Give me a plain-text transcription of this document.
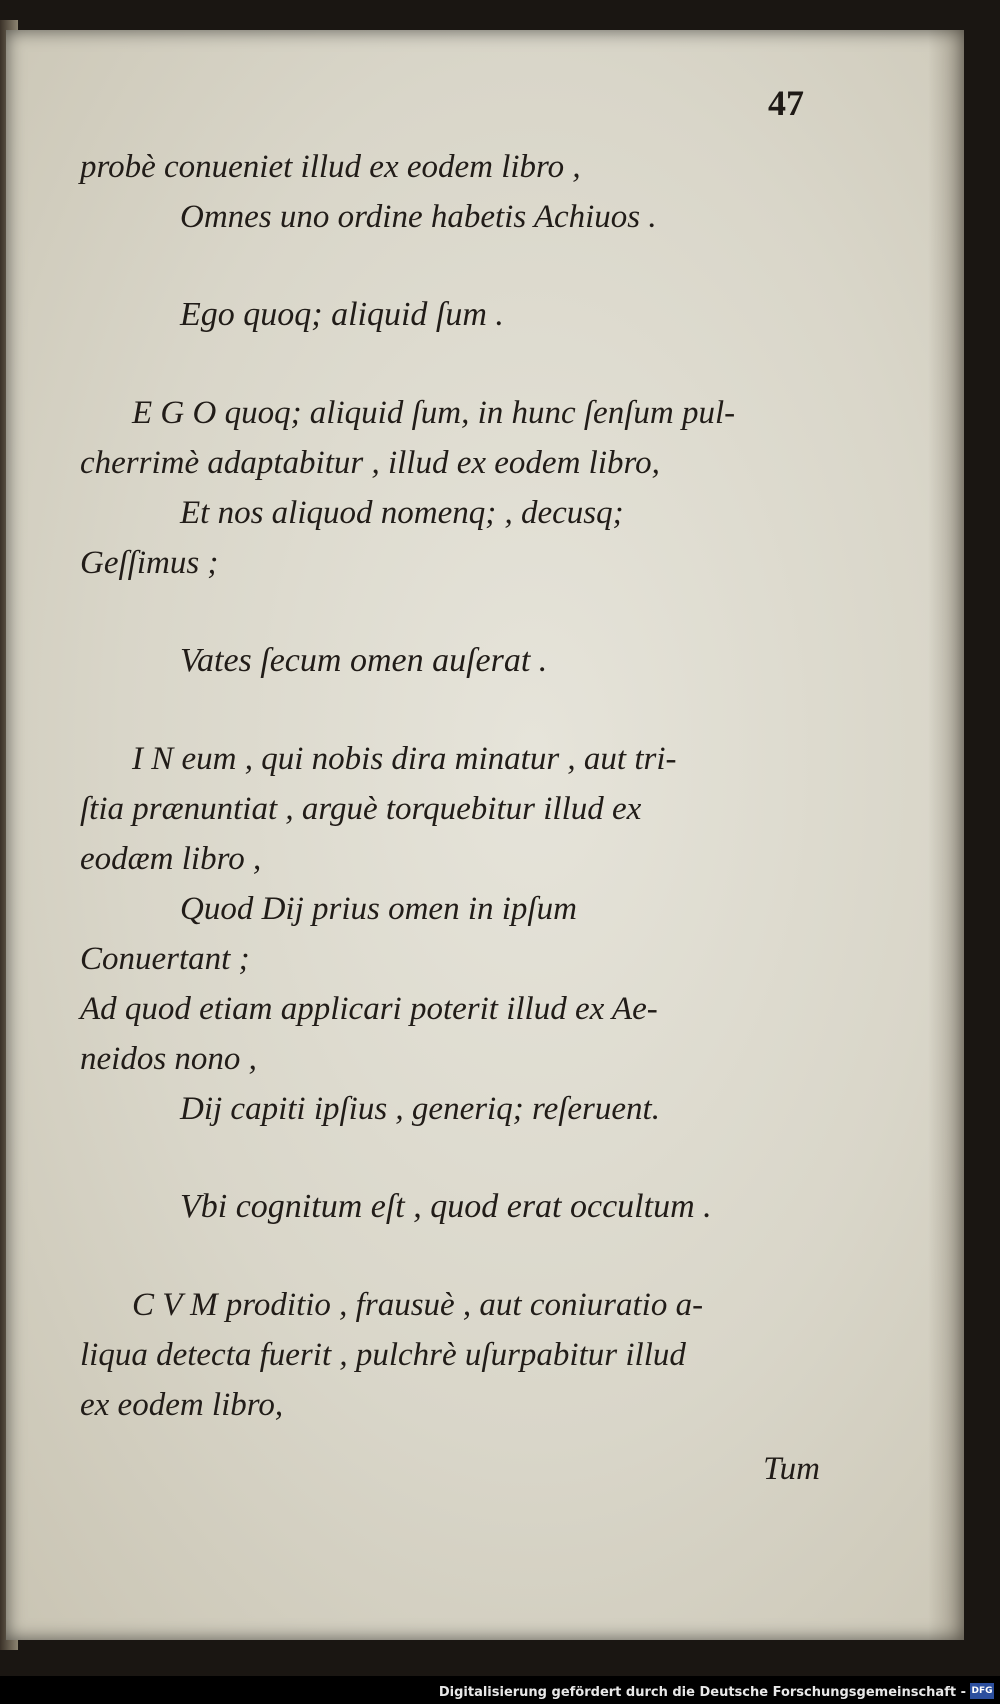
47
probè conueniet illud ex eodem libro ,
Omnes uno ordine habetis Achiuos .
Ego quoq; aliquid ſum .
E G O quoq; aliquid ſum, in hunc ſenſum pul-
cherrimè adaptabitur , illud ex eodem libro,
Et nos aliquod nomenq; , decusq;
Geſſimus ;
Vates ſecum omen auſerat .
I N eum , qui nobis dira minatur , aut tri-
ſtia prænuntiat , arguè torquebitur illud ex
eodæm libro ,
Quod Dij prius omen in ipſum
Conuertant ;
Ad quod etiam applicari poterit illud ex Ae-
neidos nono ,
Dij capiti ipſius , generiq; reſeruent.
Vbi cognitum eſt , quod erat occultum .
C V M proditio , frausuè , aut coniuratio a-
liqua detecta fuerit , pulchrè uſurpabitur illud
ex eodem libro,
Tum
Digitalisierung gefördert durch die Deutsche Forschungsgemeinschaft - DFG
